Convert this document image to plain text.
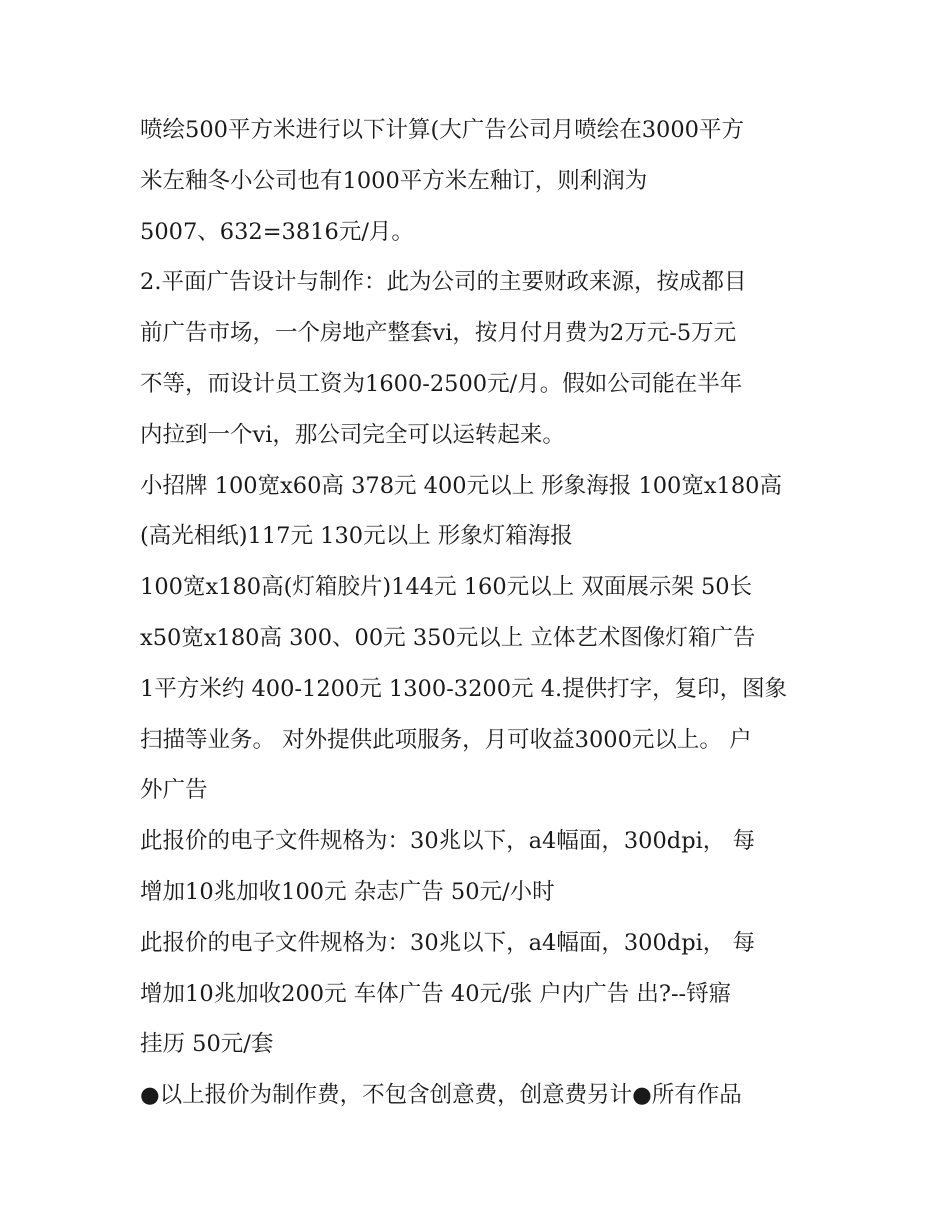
喷绘500平方米进行以下计算(大广告公司月喷绘在3000平方
米左釉冬小公司也有1000平方米左釉订，则利润为
5007、632=3816元/月。
2.平面广告设计与制作：此为公司的主要财政来源，按成都目
前广告市场，一个房地产整套vi，按月付月费为2万元-5万元
不等，而设计员工资为1600-2500元/月。假如公司能在半年
内拉到一个vi，那公司完全可以运转起来。
小招牌 100宽x60高 378元 400元以上 形象海报 100宽x180高
(高光相纸)117元 130元以上 形象灯箱海报
100宽x180高(灯箱胶片)144元 160元以上 双面展示架 50长
x50宽x180高 300、00元 350元以上 立体艺术图像灯箱广告
1平方米约 400-1200元 1300-3200元 4.提供打字，复印，图象
扫描等业务。 对外提供此项服务，月可收益3000元以上。 户
外广告
此报价的电子文件规格为：30兆以下，a4幅面，300dpi， 每
增加10兆加收100元 杂志广告 50元/小时
此报价的电子文件规格为：30兆以下，a4幅面，300dpi， 每
增加10兆加收200元 车体广告 40元/张 户内广告 出?--锊寤
挂历 50元/套
●以上报价为制作费，不包含创意费，创意费另计●所有作品
